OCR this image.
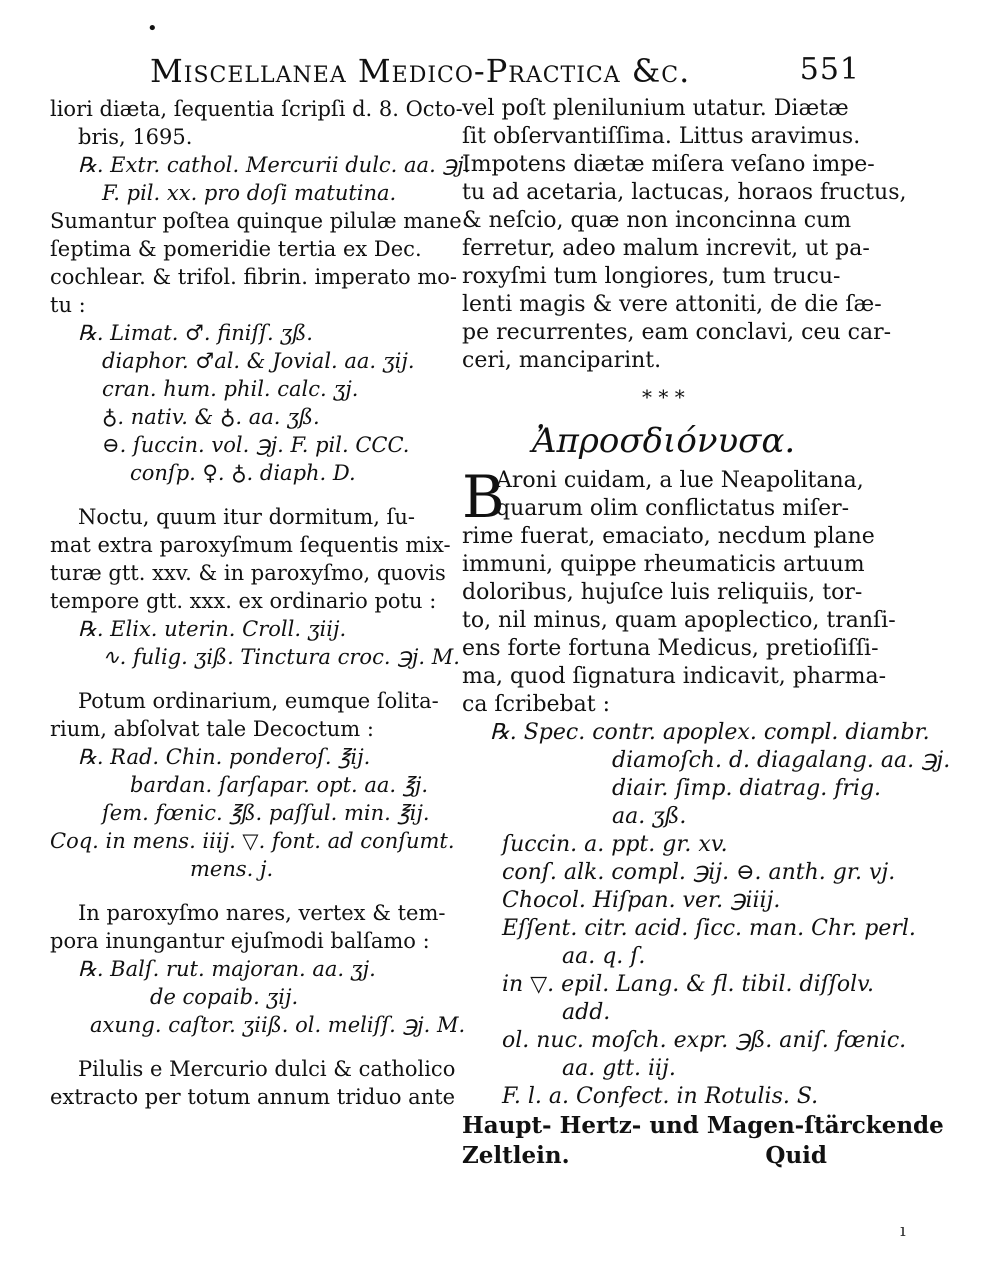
•
Miscellanea Medico-Practica &c.	551
liori diæta, ſequentia ſcripſi d. 8. Octo-
bris, 1695.
℞. Extr. cathol. Mercurii dulc. aa. ℈j.
F. pil. xx. pro doſi matutina.
Sumantur poſtea quinque pilulæ mane
ſeptima & pomeridie tertia ex Dec.
cochlear. & trifol. fibrin. imperato mo-
tu :
℞. Limat. ♂. finiſſ. ʒß.
diaphor. ♂al. & Jovial. aa. ʒij.
cran. hum. phil. calc. ʒj.
♁. nativ. & ♁. aa. ʒß.
⊖. ſuccin. vol. ℈j. F. pil. CCC.
conſp. ♀. ♁. diaph. D.
Noctu, quum itur dormitum, ſu-
mat extra paroxyſmum ſequentis mix-
turæ gtt. xxv. & in paroxyſmo, quovis
tempore gtt. xxx. ex ordinario potu :
℞. Elix. uterin. Croll. ʒiij.
∿. fulig. ʒiß. Tinctura croc. ℈j. M.
Potum ordinarium, eumque ſolita-
rium, abſolvat tale Decoctum :
℞. Rad. Chin. ponderoſ. ℥ij.
bardan. ſarſapar. opt. aa. ℥j.
ſem. fœnic. ℥ß. paſſul. min. ℥ij.
Coq. in mens. iiij. ▽. font. ad conſumt.
mens. j.
In paroxyſmo nares, vertex & tem-
pora inungantur ejuſmodi balſamo :
℞. Balſ. rut. majoran. aa. ʒj.
de copaib. ʒij.
axung. caſtor. ʒiiß. ol. meliſſ. ℈j. M.
Pilulis e Mercurio dulci & catholico
extracto per totum annum triduo ante
vel poſt plenilunium utatur. Diætæ
ſit obſervantiſſima. Littus aravimus.
Impotens diætæ miſera veſano impe-
tu ad acetaria, lactucas, horaos fructus,
& neſcio, quæ non inconcinna cum
ferretur, adeo malum increvit, ut pa-
roxyſmi tum longiores, tum trucu-
lenti magis & vere attoniti, de die ſæ-
pe recurrentes, eam conclavi, ceu car-
ceri, manciparint.
* * *
Ἀπροσδιόνυσα.
B
Aroni cuidam, a lue Neapolitana,
quarum olim conflictatus miſer-
rime fuerat, emaciato, necdum plane
immuni, quippe rheumaticis artuum
doloribus, hujuſce luis reliquiis, tor-
to, nil minus, quam apoplectico, tranſi-
ens forte fortuna Medicus, pretioſiſſi-
ma, quod ſignatura indicavit, pharma-
ca ſcribebat :
℞. Spec. contr. apoplex. compl. diambr.
diamoſch. d. diagalang. aa. ℈j.
diair. ſimp. diatrag. frig.
aa. ʒß.
ſuccin. a. ppt. gr. xv.
conſ. alk. compl. ℈ij. ⊖. anth. gr. vj.
Chocol. Hiſpan. ver. ℈iiij.
Eſſent. citr. acid. ſicc. man. Chr. perl.
aa. q. ſ.
in ▽. epil. Lang. & fl. tibil. diſſolv.
add.
ol. nuc. moſch. expr. ℈ß. aniſ. fœnic.
aa. gtt. iij.
F. l. a. Confect. in Rotulis. S.
Haupt- Hertz- und Magen-ſtärckende
Zeltlein.	Quid
ı
